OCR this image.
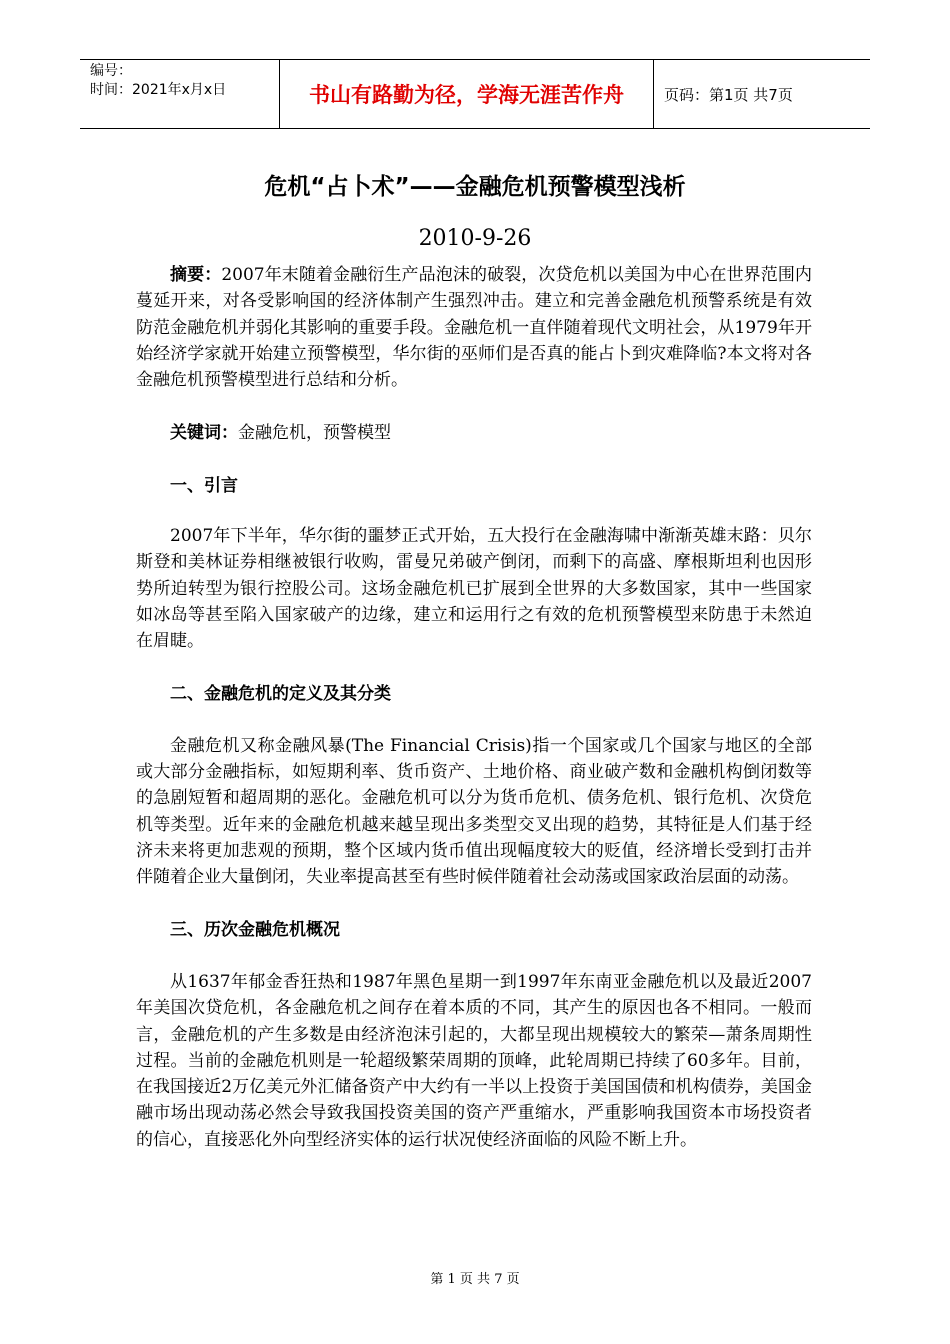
编号：
时间：2021年x月x日	书山有路勤为径，学海无涯苦作舟	页码：第1页 共7页
危机“占卜术”——金融危机预警模型浅析
2010-9-26

摘要：2007年末随着金融衍生产品泡沫的破裂，次贷危机以美国为中心在世界范围内蔓延开来，对各受影响国的经济体制产生强烈冲击。建立和完善金融危机预警系统是有效防范金融危机并弱化其影响的重要手段。金融危机一直伴随着现代文明社会，从1979年开始经济学家就开始建立预警模型，华尔街的巫师们是否真的能占卜到灾难降临?本文将对各金融危机预警模型进行总结和分析。

关键词：金融危机，预警模型

一、引言

2007年下半年，华尔街的噩梦正式开始，五大投行在金融海啸中渐渐英雄末路：贝尔斯登和美林证券相继被银行收购，雷曼兄弟破产倒闭，而剩下的高盛、摩根斯坦利也因形势所迫转型为银行控股公司。这场金融危机已扩展到全世界的大多数国家，其中一些国家如冰岛等甚至陷入国家破产的边缘，建立和运用行之有效的危机预警模型来防患于未然迫在眉睫。

二、金融危机的定义及其分类

金融危机又称金融风暴(The Financial Crisis)指一个国家或几个国家与地区的全部或大部分金融指标，如短期利率、货币资产、土地价格、商业破产数和金融机构倒闭数等的急剧短暂和超周期的恶化。金融危机可以分为货币危机、债务危机、银行危机、次贷危机等类型。近年来的金融危机越来越呈现出多类型交叉出现的趋势，其特征是人们基于经济未来将更加悲观的预期，整个区域内货币值出现幅度较大的贬值，经济增长受到打击并伴随着企业大量倒闭，失业率提高甚至有些时候伴随着社会动荡或国家政治层面的动荡。

三、历次金融危机概况

从1637年郁金香狂热和1987年黑色星期一到1997年东南亚金融危机以及最近2007年美国次贷危机，各金融危机之间存在着本质的不同，其产生的原因也各不相同。一般而言，金融危机的产生多数是由经济泡沫引起的，大都呈现出规模较大的繁荣—萧条周期性过程。当前的金融危机则是一轮超级繁荣周期的顶峰，此轮周期已持续了60多年。目前，在我国接近2万亿美元外汇储备资产中大约有一半以上投资于美国国债和机构债券，美国金融市场出现动荡必然会导致我国投资美国的资产严重缩水，严重影响我国资本市场投资者的信心，直接恶化外向型经济实体的运行状况使经济面临的风险不断上升。

第 1 页 共 7 页
